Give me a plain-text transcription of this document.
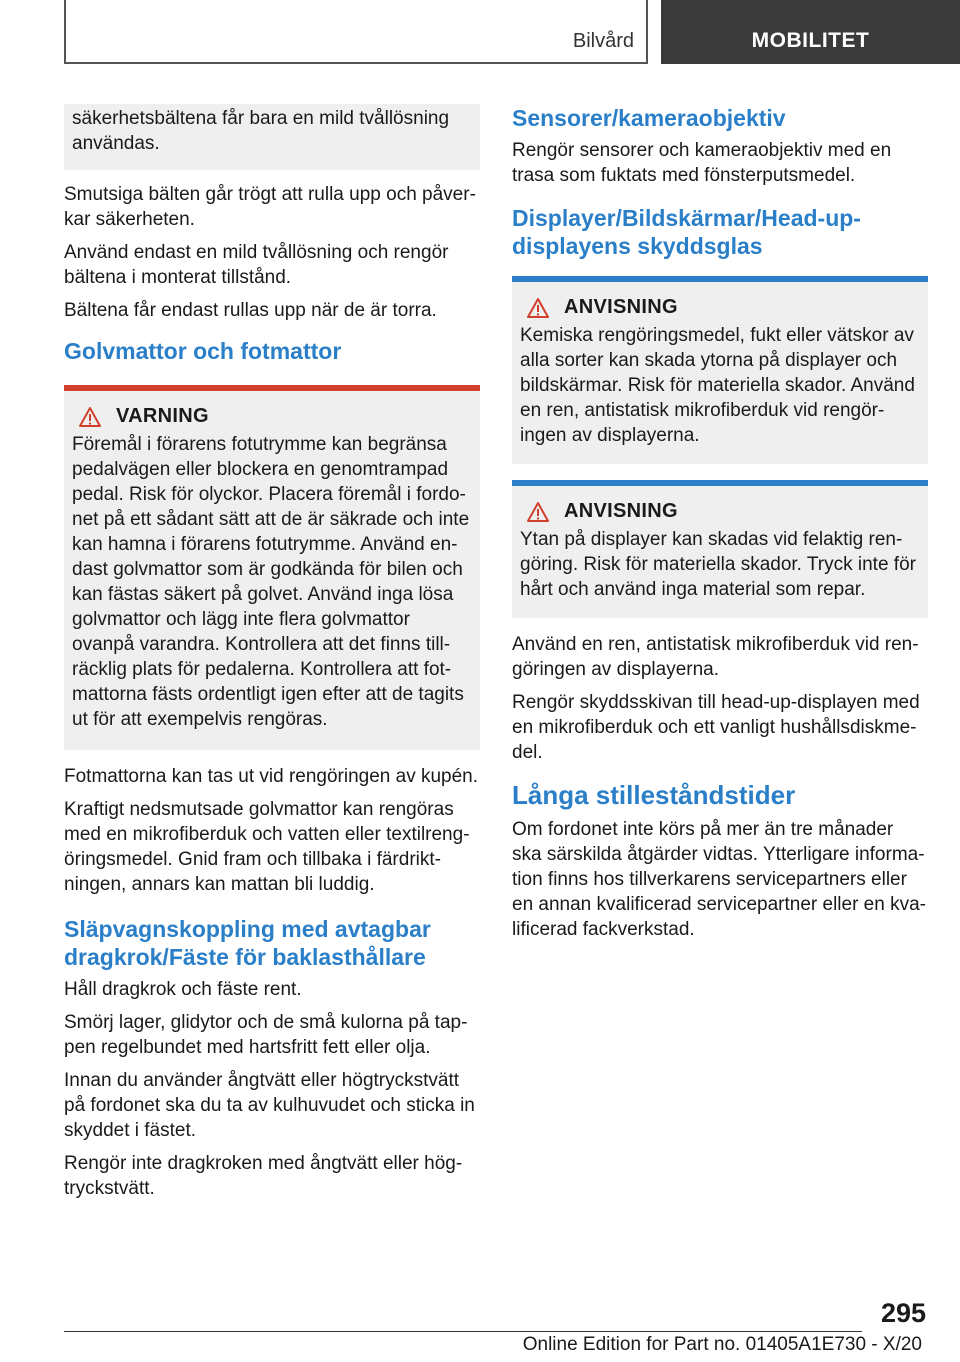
Bilvård	MOBILITET

säkerhetsbältena får bara en mild tvållösning användas.

Smutsiga bälten går trögt att rulla upp och påver-kar säkerheten.

Använd endast en mild tvållösning och rengör bältena i monterat tillstånd.

Bältena får endast rullas upp när de är torra.

Golvmattor och fotmattor
VARNING

Föremål i förarens fotutrymme kan begränsa pedalvägen eller blockera en genomtrampad pedal. Risk för olyckor. Placera föremål i fordo-net på ett sådant sätt att de är säkrade och inte kan hamna i förarens fotutrymme. Använd en-dast golvmattor som är godkända för bilen och kan fästas säkert på golvet. Använd inga lösa golvmattor och lägg inte flera golvmattor ovanpå varandra. Kontrollera att det finns till-räcklig plats för pedalerna. Kontrollera att fot-mattorna fästs ordentligt igen efter att de tagits ut för att exempelvis rengöras.

Fotmattorna kan tas ut vid rengöringen av kupén.

Kraftigt nedsmutsade golvmattor kan rengöras med en mikrofiberduk och vatten eller textilreng-öringsmedel. Gnid fram och tillbaka i färdrikt-ningen, annars kan mattan bli luddig.

Släpvagnskoppling med avtagbar dragkrok/Fäste för baklasthållare

Håll dragkrok och fäste rent.

Smörj lager, glidytor och de små kulorna på tap-pen regelbundet med hartsfritt fett eller olja.

Innan du använder ångtvätt eller högtryckstvätt på fordonet ska du ta av kulhuvudet och sticka in skyddet i fästet.

Rengör inte dragkroken med ångtvätt eller hög-tryckstvätt.

Sensorer/kameraobjektiv

Rengör sensorer och kameraobjektiv med en trasa som fuktats med fönsterputsmedel.

Displayer/Bildskärmar/Head-up-displayens skyddsglas
ANVISNING

Kemiska rengöringsmedel, fukt eller vätskor av alla sorter kan skada ytorna på displayer och bildskärmar. Risk för materiella skador. Använd en ren, antistatisk mikrofiberduk vid rengör-ingen av displayerna.

ANVISNING

Ytan på displayer kan skadas vid felaktig ren-göring. Risk för materiella skador. Tryck inte för hårt och använd inga material som repar.

Använd en ren, antistatisk mikrofiberduk vid ren-göringen av displayerna.

Rengör skyddsskivan till head-up-displayen med en mikrofiberduk och ett vanligt hushållsdiskme-del.

Långa stilleståndstider

Om fordonet inte körs på mer än tre månader ska särskilda åtgärder vidtas. Ytterligare informa-tion finns hos tillverkarens servicepartners eller en annan kvalificerad servicepartner eller en kva-lificerad fackverkstad.

295
Online Edition for Part no. 01405A1E730 - X/20
